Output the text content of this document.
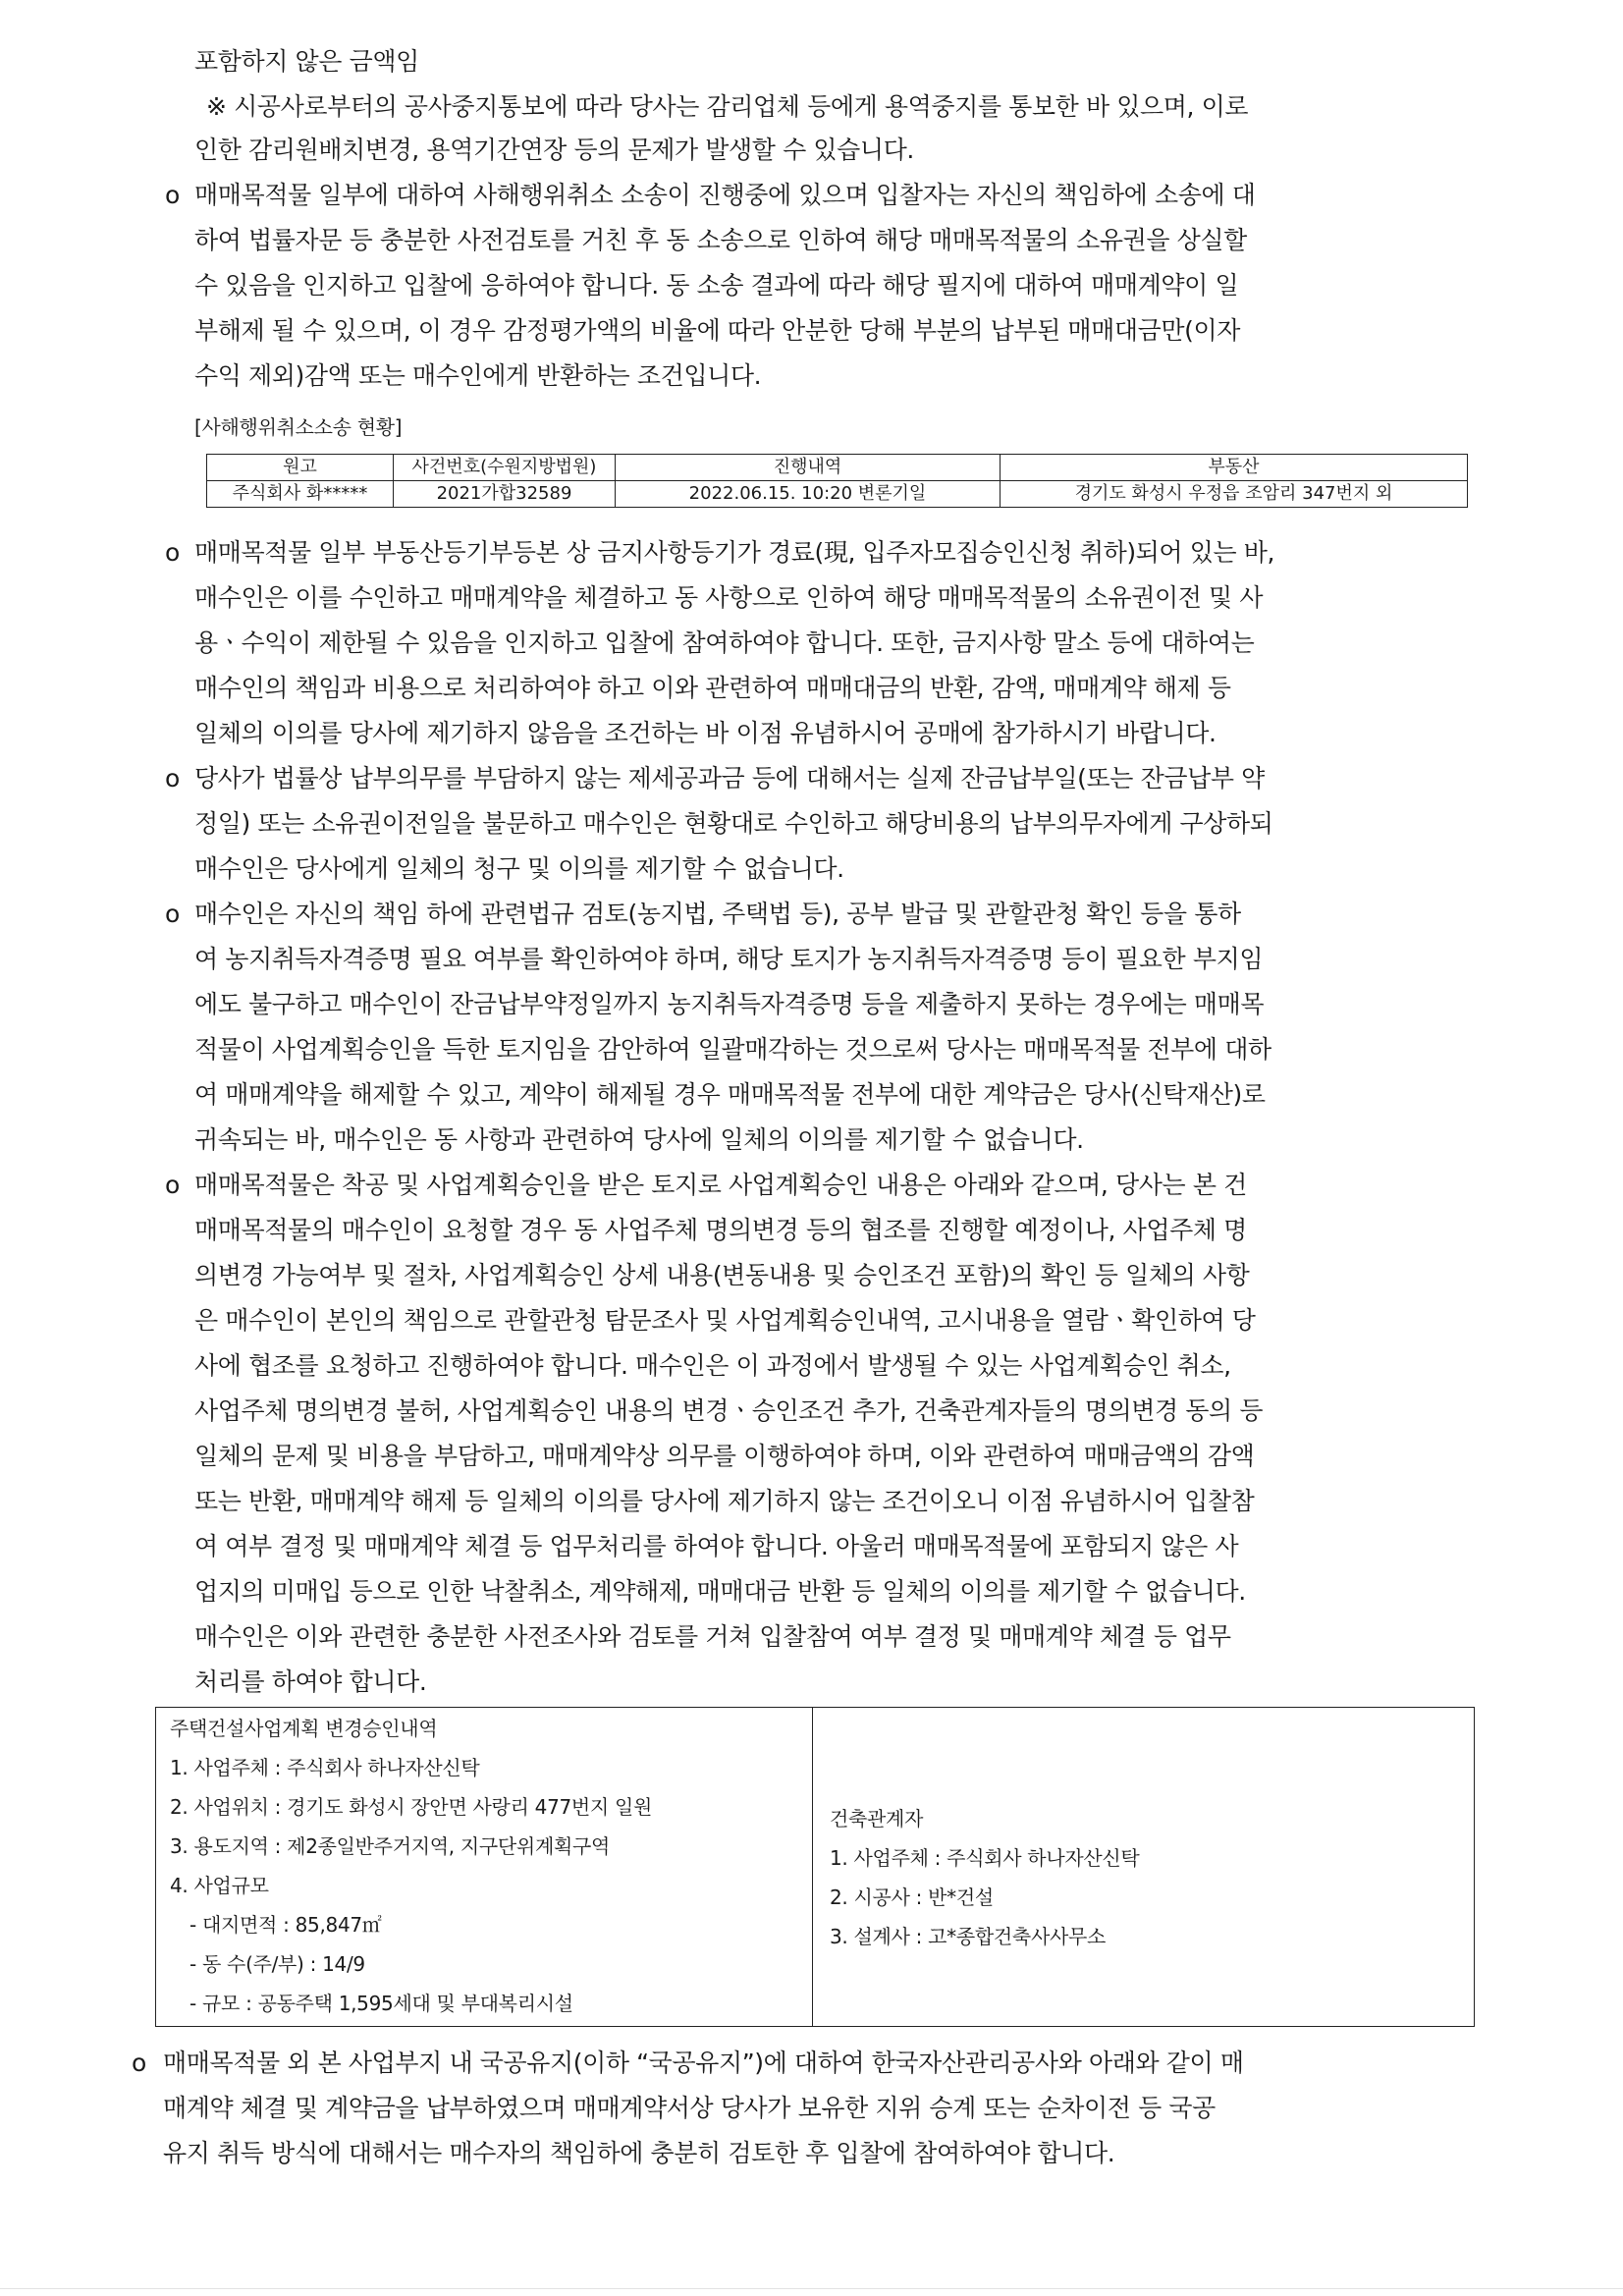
포함하지 않은 금액임
※ 시공사로부터의 공사중지통보에 따라 당사는 감리업체 등에게 용역중지를 통보한 바 있으며, 이로
인한 감리원배치변경, 용역기간연장 등의 문제가 발생할 수 있습니다.
o 매매목적물 일부에 대하여 사해행위취소 소송이 진행중에 있으며 입찰자는 자신의 책임하에 소송에 대
하여 법률자문 등 충분한 사전검토를 거친 후 동 소송으로 인하여 해당 매매목적물의 소유권을 상실할
수 있음을 인지하고 입찰에 응하여야 합니다. 동 소송 결과에 따라 해당 필지에 대하여 매매계약이 일
부해제 될 수 있으며, 이 경우 감정평가액의 비율에 따라 안분한 당해 부분의 납부된 매매대금만(이자
수익 제외)감액 또는 매수인에게 반환하는 조건입니다.
[사해행위취소소송 현황]
원고	사건번호(수원지방법원)	진행내역	부동산
주식회사 화*****	2021가합32589	2022.06.15. 10:20 변론기일	경기도 화성시 우정읍 조암리 347번지 외
o 매매목적물 일부 부동산등기부등본 상 금지사항등기가 경료(現, 입주자모집승인신청 취하)되어 있는 바,
매수인은 이를 수인하고 매매계약을 체결하고 동 사항으로 인하여 해당 매매목적물의 소유권이전 및 사
용ㆍ수익이 제한될 수 있음을 인지하고 입찰에 참여하여야 합니다. 또한, 금지사항 말소 등에 대하여는
매수인의 책임과 비용으로 처리하여야 하고 이와 관련하여 매매대금의 반환, 감액, 매매계약 해제 등
일체의 이의를 당사에 제기하지 않음을 조건하는 바 이점 유념하시어 공매에 참가하시기 바랍니다.
o 당사가 법률상 납부의무를 부담하지 않는 제세공과금 등에 대해서는 실제 잔금납부일(또는 잔금납부 약
정일) 또는 소유권이전일을 불문하고 매수인은 현황대로 수인하고 해당비용의 납부의무자에게 구상하되
매수인은 당사에게 일체의 청구 및 이의를 제기할 수 없습니다.
o 매수인은 자신의 책임 하에 관련법규 검토(농지법, 주택법 등), 공부 발급 및 관할관청 확인 등을 통하
여 농지취득자격증명 필요 여부를 확인하여야 하며, 해당 토지가 농지취득자격증명 등이 필요한 부지임
에도 불구하고 매수인이 잔금납부약정일까지 농지취득자격증명 등을 제출하지 못하는 경우에는 매매목
적물이 사업계획승인을 득한 토지임을 감안하여 일괄매각하는 것으로써 당사는 매매목적물 전부에 대하
여 매매계약을 해제할 수 있고, 계약이 해제될 경우 매매목적물 전부에 대한 계약금은 당사(신탁재산)로
귀속되는 바, 매수인은 동 사항과 관련하여 당사에 일체의 이의를 제기할 수 없습니다.
o 매매목적물은 착공 및 사업계획승인을 받은 토지로 사업계획승인 내용은 아래와 같으며, 당사는 본 건
매매목적물의 매수인이 요청할 경우 동 사업주체 명의변경 등의 협조를 진행할 예정이나, 사업주체 명
의변경 가능여부 및 절차, 사업계획승인 상세 내용(변동내용 및 승인조건 포함)의 확인 등 일체의 사항
은 매수인이 본인의 책임으로 관할관청 탐문조사 및 사업계획승인내역, 고시내용을 열람ㆍ확인하여 당
사에 협조를 요청하고 진행하여야 합니다. 매수인은 이 과정에서 발생될 수 있는 사업계획승인 취소,
사업주체 명의변경 불허, 사업계획승인 내용의 변경ㆍ승인조건 추가, 건축관계자들의 명의변경 동의 등
일체의 문제 및 비용을 부담하고, 매매계약상 의무를 이행하여야 하며, 이와 관련하여 매매금액의 감액
또는 반환, 매매계약 해제 등 일체의 이의를 당사에 제기하지 않는 조건이오니 이점 유념하시어 입찰참
여 여부 결정 및 매매계약 체결 등 업무처리를 하여야 합니다. 아울러 매매목적물에 포함되지 않은 사
업지의 미매입 등으로 인한 낙찰취소, 계약해제, 매매대금 반환 등 일체의 이의를 제기할 수 없습니다.
매수인은 이와 관련한 충분한 사전조사와 검토를 거쳐 입찰참여 여부 결정 및 매매계약 체결 등 업무
처리를 하여야 합니다.
주택건설사업계획 변경승인내역
1. 사업주체 : 주식회사 하나자산신탁
2. 사업위치 : 경기도 화성시 장안면 사랑리 477번지 일원
3. 용도지역 : 제2종일반주거지역, 지구단위계획구역
4. 사업규모
- 대지면적 : 85,847㎡
- 동 수(주/부) : 14/9
- 규모 : 공동주택 1,595세대 및 부대복리시설
건축관계자
1. 사업주체 : 주식회사 하나자산신탁
2. 시공사 : 반*건설
3. 설계사 : 고*종합건축사사무소
o 매매목적물 외 본 사업부지 내 국공유지(이하 “국공유지”)에 대하여 한국자산관리공사와 아래와 같이 매
매계약 체결 및 계약금을 납부하였으며 매매계약서상 당사가 보유한 지위 승계 또는 순차이전 등 국공
유지 취득 방식에 대해서는 매수자의 책임하에 충분히 검토한 후 입찰에 참여하여야 합니다.
